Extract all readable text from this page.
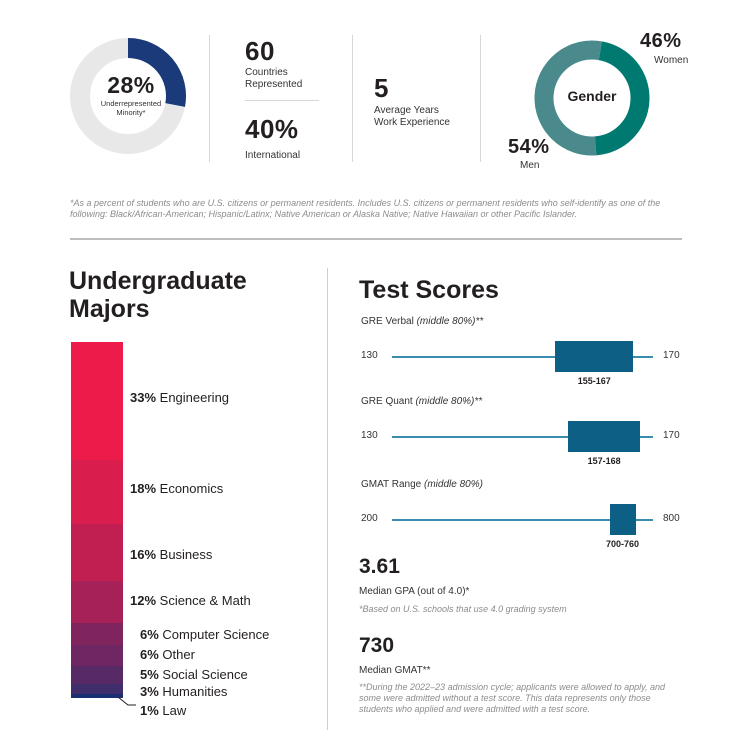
28%
Underrepresented Minority*
60
Countries
Represented
40%
International
5
Average Years
Work Experience
Gender
46%
Women
54%
Men
*As a percent of students who are U.S. citizens or permanent residents. Includes U.S. citizens or permanent residents who self-identify as one of the following: Black/African-American; Hispanic/Latinx; Native American or Alaska Native; Native Hawaiian or other Pacific Islander.
Undergraduate Majors
33% Engineering
18% Economics
16% Business
12% Science & Math
6% Computer Science
6% Other
5% Social Science
3% Humanities
1% Law
Test Scores
GRE Verbal (middle 80%)**
130	170
155-167
GRE Quant (middle 80%)**
130	170
157-168
GMAT Range (middle 80%)
200	800
700-760
3.61
Median GPA (out of 4.0)*
*Based on U.S. schools that use 4.0 grading system
730
Median GMAT**
**During the 2022–23 admission cycle; applicants were allowed to apply, and some were admitted without a test score. This data represents only those students who applied and were admitted with a test score.
